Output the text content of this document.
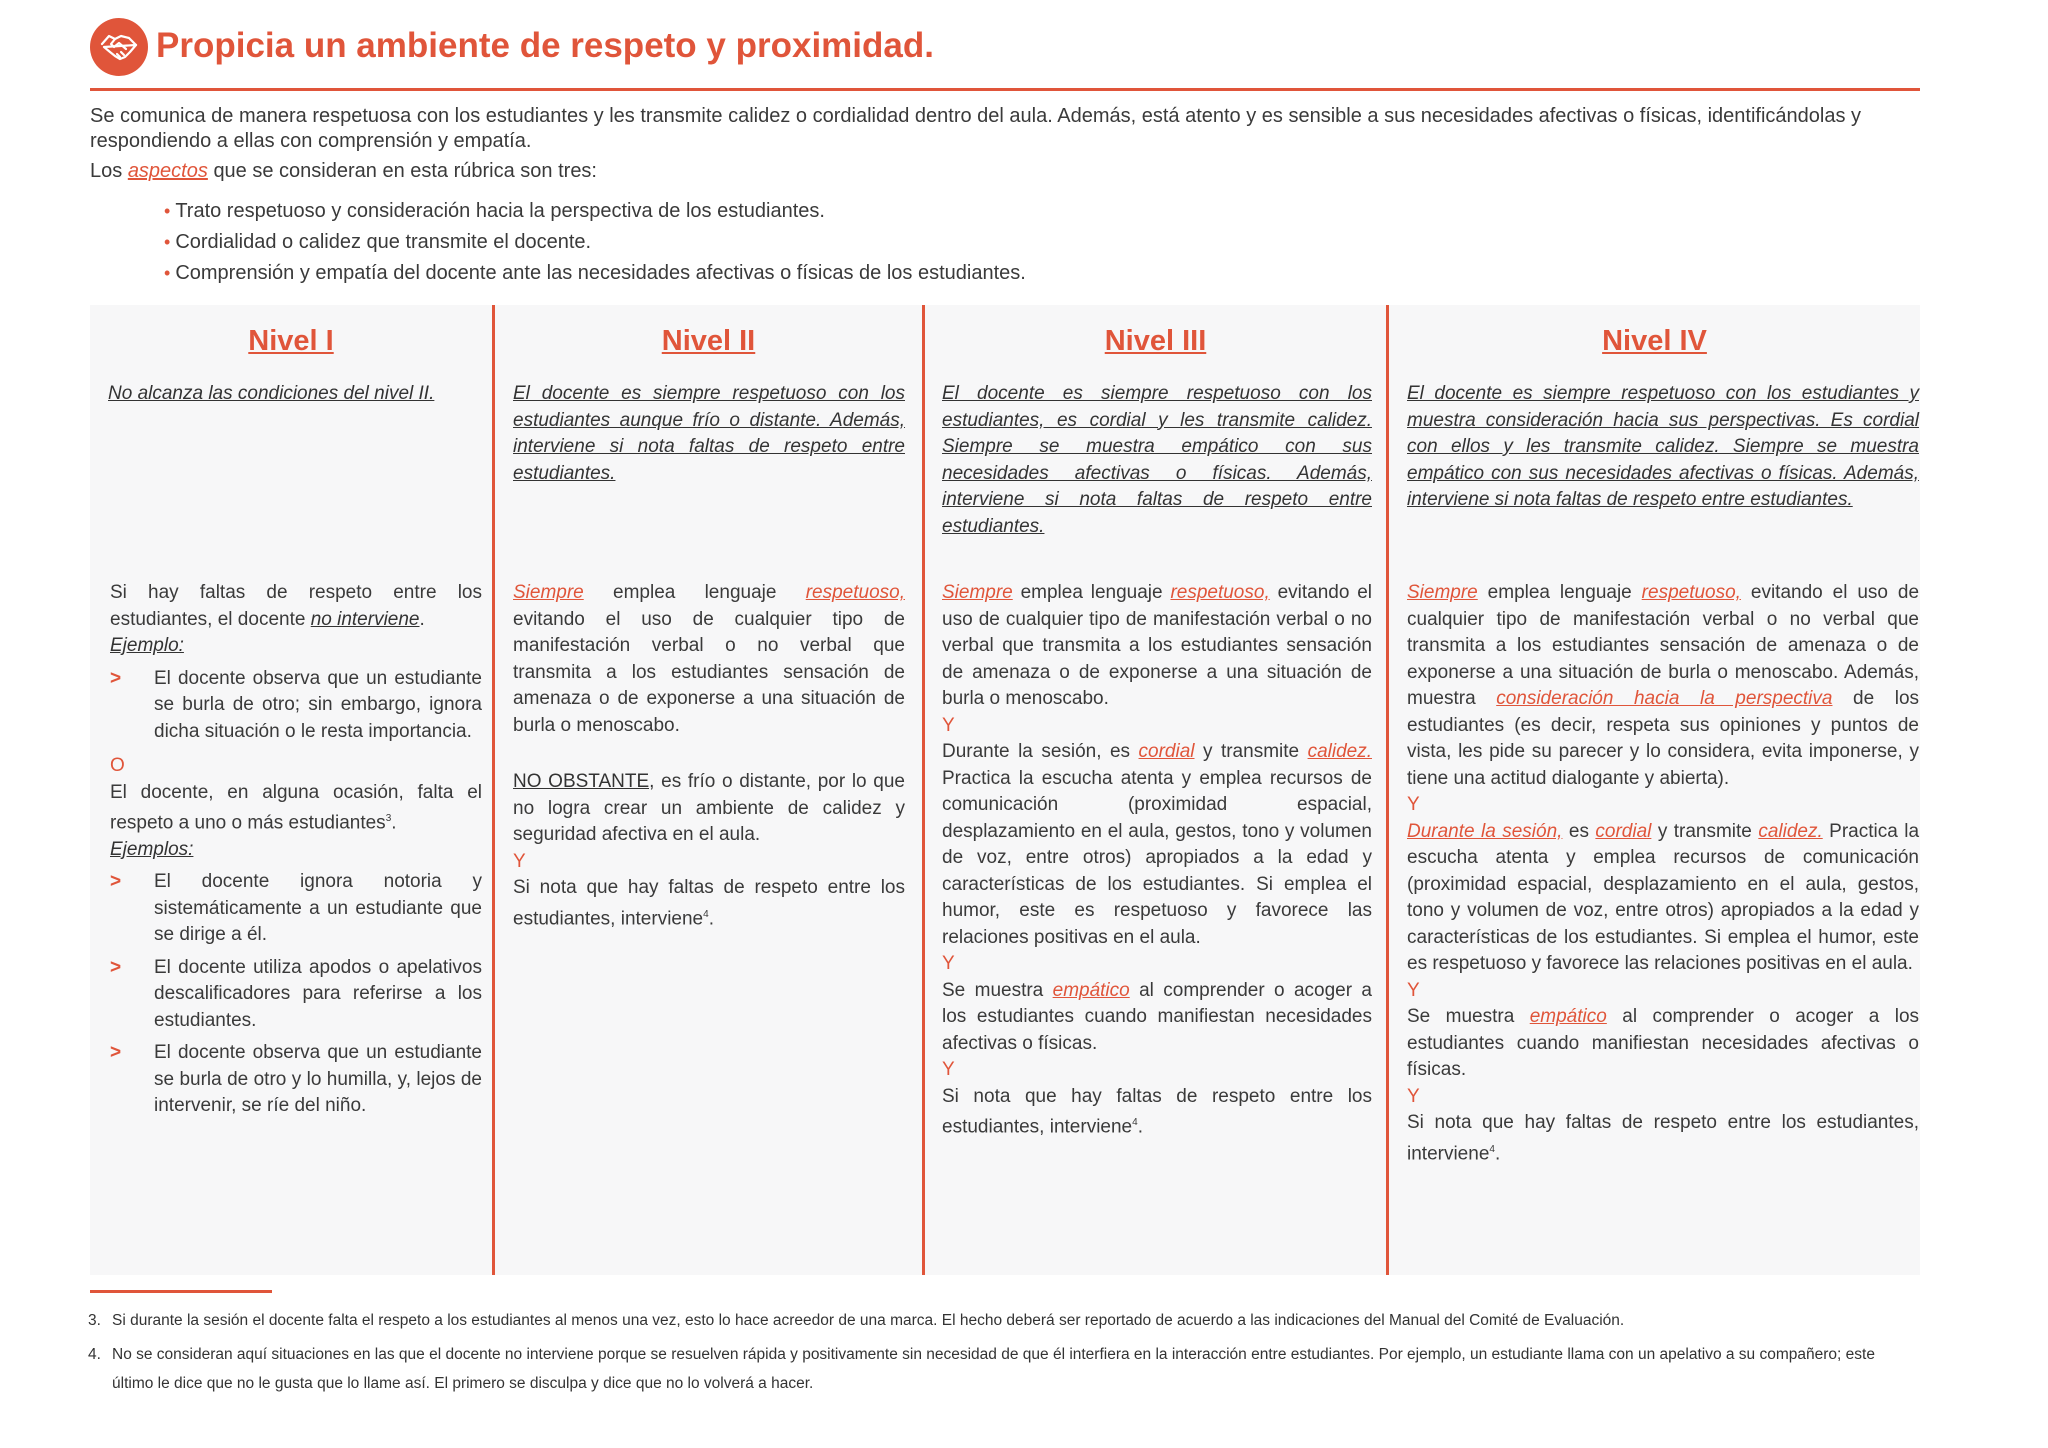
Propicia un ambiente de respeto y proximidad.

Se comunica de manera respetuosa con los estudiantes y les transmite calidez o cordialidad dentro del aula. Además, está atento y es sensible a sus necesidades afectivas o físicas, identificándolas y respondiendo a ellas con comprensión y empatía.

Los aspectos que se consideran en esta rúbrica son tres:

• Trato respetuoso y consideración hacia la perspectiva de los estudiantes.
• Cordialidad o calidez que transmite el docente.
• Comprensión y empatía del docente ante las necesidades afectivas o físicas de los estudiantes.
Nivel I
No alcanza las condiciones del nivel II.

Si hay faltas de respeto entre los estudiantes, el docente no interviene.

Ejemplo:

> El docente observa que un estudiante se burla de otro; sin embargo, ignora dicha situación o le resta importancia.

O

El docente, en alguna ocasión, falta el respeto a uno o más estudiantes$^3$.

Ejemplos:

> El docente ignora notoria y sistemáticamente a un estudiante que se dirige a él.
> El docente utiliza apodos o apelativos descalificadores para referirse a los estudiantes.
> El docente observa que un estudiante se burla de otro y lo humilla, y, lejos de intervenir, se ríe del niño.
Nivel II
El docente es siempre respetuoso con los estudiantes aunque frío o distante. Además, interviene si nota faltas de respeto entre estudiantes.

Siempre emplea lenguaje respetuoso, evitando el uso de cualquier tipo de manifestación verbal o no verbal que transmita a los estudiantes sensación de amenaza o de exponerse a una situación de burla o menoscabo.

NO OBSTANTE, es frío o distante, por lo que no logra crear un ambiente de calidez y seguridad afectiva en el aula.

Y

Si nota que hay faltas de respeto entre los estudiantes, interviene$^4$.

Nivel III
El docente es siempre respetuoso con los estudiantes, es cordial y les transmite calidez. Siempre se muestra empático con sus necesidades afectivas o físicas. Además, interviene si nota faltas de respeto entre estudiantes.

Siempre emplea lenguaje respetuoso, evitando el uso de cualquier tipo de manifestación verbal o no verbal que transmita a los estudiantes sensación de amenaza o de exponerse a una situación de burla o menoscabo.

Y

Durante la sesión, es cordial y transmite calidez. Practica la escucha atenta y emplea recursos de comunicación (proximidad espacial, desplazamiento en el aula, gestos, tono y volumen de voz, entre otros) apropiados a la edad y características de los estudiantes. Si emplea el humor, este es respetuoso y favorece las relaciones positivas en el aula.

Y

Se muestra empático al comprender o acoger a los estudiantes cuando manifiestan necesidades afectivas o físicas.

Y

Si nota que hay faltas de respeto entre los estudiantes, interviene$^4$.

Nivel IV
El docente es siempre respetuoso con los estudiantes y muestra consideración hacia sus perspectivas. Es cordial con ellos y les transmite calidez. Siempre se muestra empático con sus necesidades afectivas o físicas. Además, interviene si nota faltas de respeto entre estudiantes.

Siempre emplea lenguaje respetuoso, evitando el uso de cualquier tipo de manifestación verbal o no verbal que transmita a los estudiantes sensación de amenaza o de exponerse a una situación de burla o menoscabo. Además, muestra consideración hacia la perspectiva de los estudiantes (es decir, respeta sus opiniones y puntos de vista, les pide su parecer y lo considera, evita imponerse, y tiene una actitud dialogante y abierta).

Y

Durante la sesión, es cordial y transmite calidez. Practica la escucha atenta y emplea recursos de comunicación (proximidad espacial, desplazamiento en el aula, gestos, tono y volumen de voz, entre otros) apropiados a la edad y características de los estudiantes. Si emplea el humor, este es respetuoso y favorece las relaciones positivas en el aula.

Y

Se muestra empático al comprender o acoger a los estudiantes cuando manifiestan necesidades afectivas o físicas.

Y

Si nota que hay faltas de respeto entre los estudiantes, interviene$^4$.

3. Si durante la sesión el docente falta el respeto a los estudiantes al menos una vez, esto lo hace acreedor de una marca. El hecho deberá ser reportado de acuerdo a las indicaciones del Manual del Comité de Evaluación.
4. No se consideran aquí situaciones en las que el docente no interviene porque se resuelven rápida y positivamente sin necesidad de que él interfiera en la interacción entre estudiantes. Por ejemplo, un estudiante llama con un apelativo a su compañero; este último le dice que no le gusta que lo llame así. El primero se disculpa y dice que no lo volverá a hacer.
